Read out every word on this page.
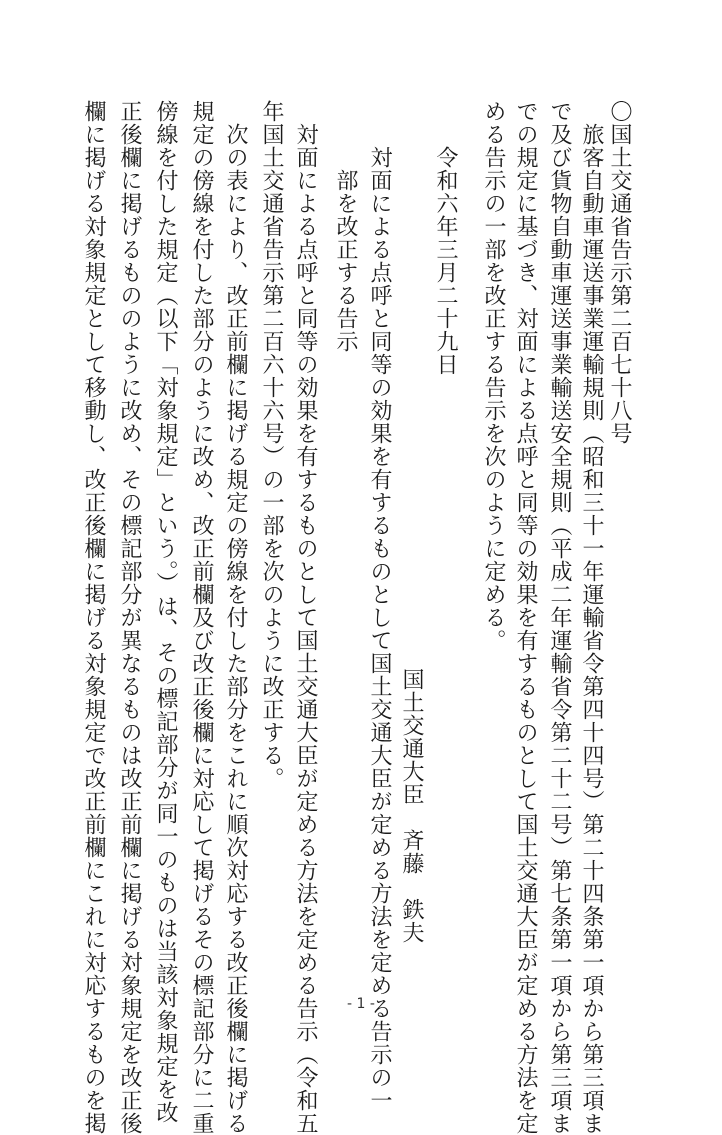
〇国土交通省告示第二百七十八号
　旅客自動車運送事業運輸規則（昭和三十一年運輸省令第四十四号）第二十四条第一項から第三項ま
で及び貨物自動車運送事業輸送安全規則（平成二年運輸省令第二十二号）第七条第一項から第三項ま
での規定に基づき、対面による点呼と同等の効果を有するものとして国土交通大臣が定める方法を定
める告示の一部を改正する告示を次のように定める。
　　令和六年三月二十九日
国土交通大臣　斉藤　鉄夫
　　対面による点呼と同等の効果を有するものとして国土交通大臣が定める方法を定める告示の一
　　　部を改正する告示
　対面による点呼と同等の効果を有するものとして国土交通大臣が定める方法を定める告示（令和五
年国土交通省告示第二百六十六号）の一部を次のように改正する。
　次の表により、改正前欄に掲げる規定の傍線を付した部分をこれに順次対応する改正後欄に掲げる
規定の傍線を付した部分のように改め、改正前欄及び改正後欄に対応して掲げるその標記部分に二重
傍線を付した規定（以下「対象規定」という。）は、その標記部分が同一のものは当該対象規定を改
正後欄に掲げるもののように改め、その標記部分が異なるものは改正前欄に掲げる対象規定を改正後
欄に掲げる対象規定として移動し、改正後欄に掲げる対象規定で改正前欄にこれに対応するものを掲	- 1 -
